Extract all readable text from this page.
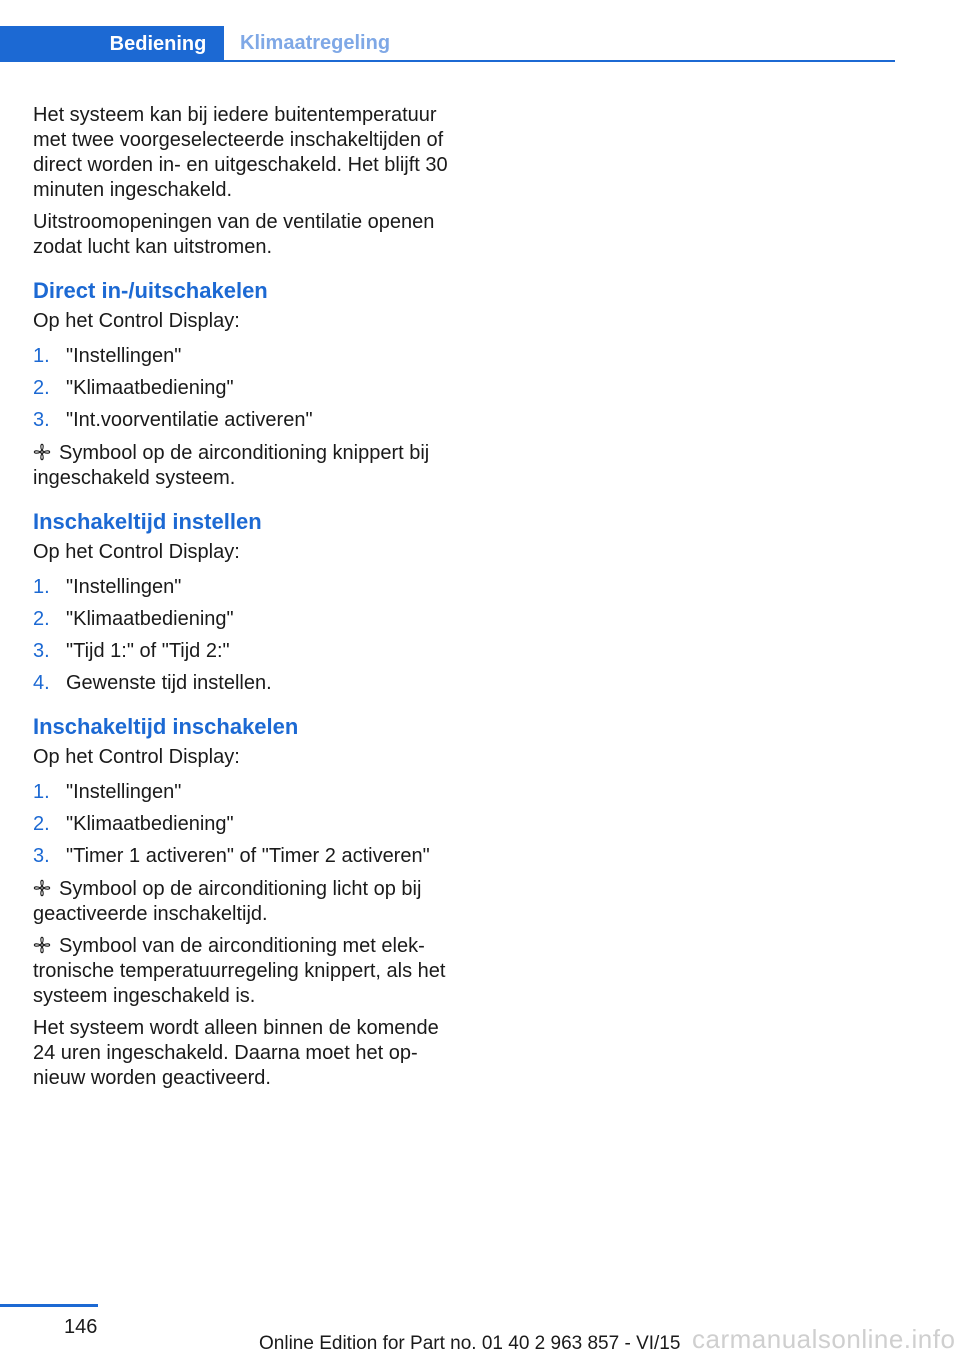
Bediening	Klimaatregeling

Het systeem kan bij iedere buitentemperatuur met twee voorgeselecteerde inschakeltijden of direct worden in- en uitgeschakeld. Het blijft 30 minuten ingeschakeld.

Uitstroomopeningen van de ventilatie openen zodat lucht kan uitstromen.

Direct in-/uitschakelen

Op het Control Display:

1. "Instellingen"
2. "Klimaatbediening"
3. "Int.voorventilatie activeren"

Symbool op de airconditioning knippert bij ingeschakeld systeem.

Inschakeltijd instellen

Op het Control Display:

1. "Instellingen"
2. "Klimaatbediening"
3. "Tijd 1:" of "Tijd 2:"
4. Gewenste tijd instellen.
Inschakeltijd inschakelen

Op het Control Display:

1. "Instellingen"
2. "Klimaatbediening"
3. "Timer 1 activeren" of "Timer 2 activeren"

Symbool op de airconditioning licht op bij geactiveerde inschakeltijd.

Symbool van de airconditioning met elek-tronische temperatuurregeling knippert, als het systeem ingeschakeld is.

Het systeem wordt alleen binnen de komende 24 uren ingeschakeld. Daarna moet het op-nieuw worden geactiveerd.

146
Online Edition for Part no. 01 40 2 963 857 - VI/15 carmanualsonline.info
